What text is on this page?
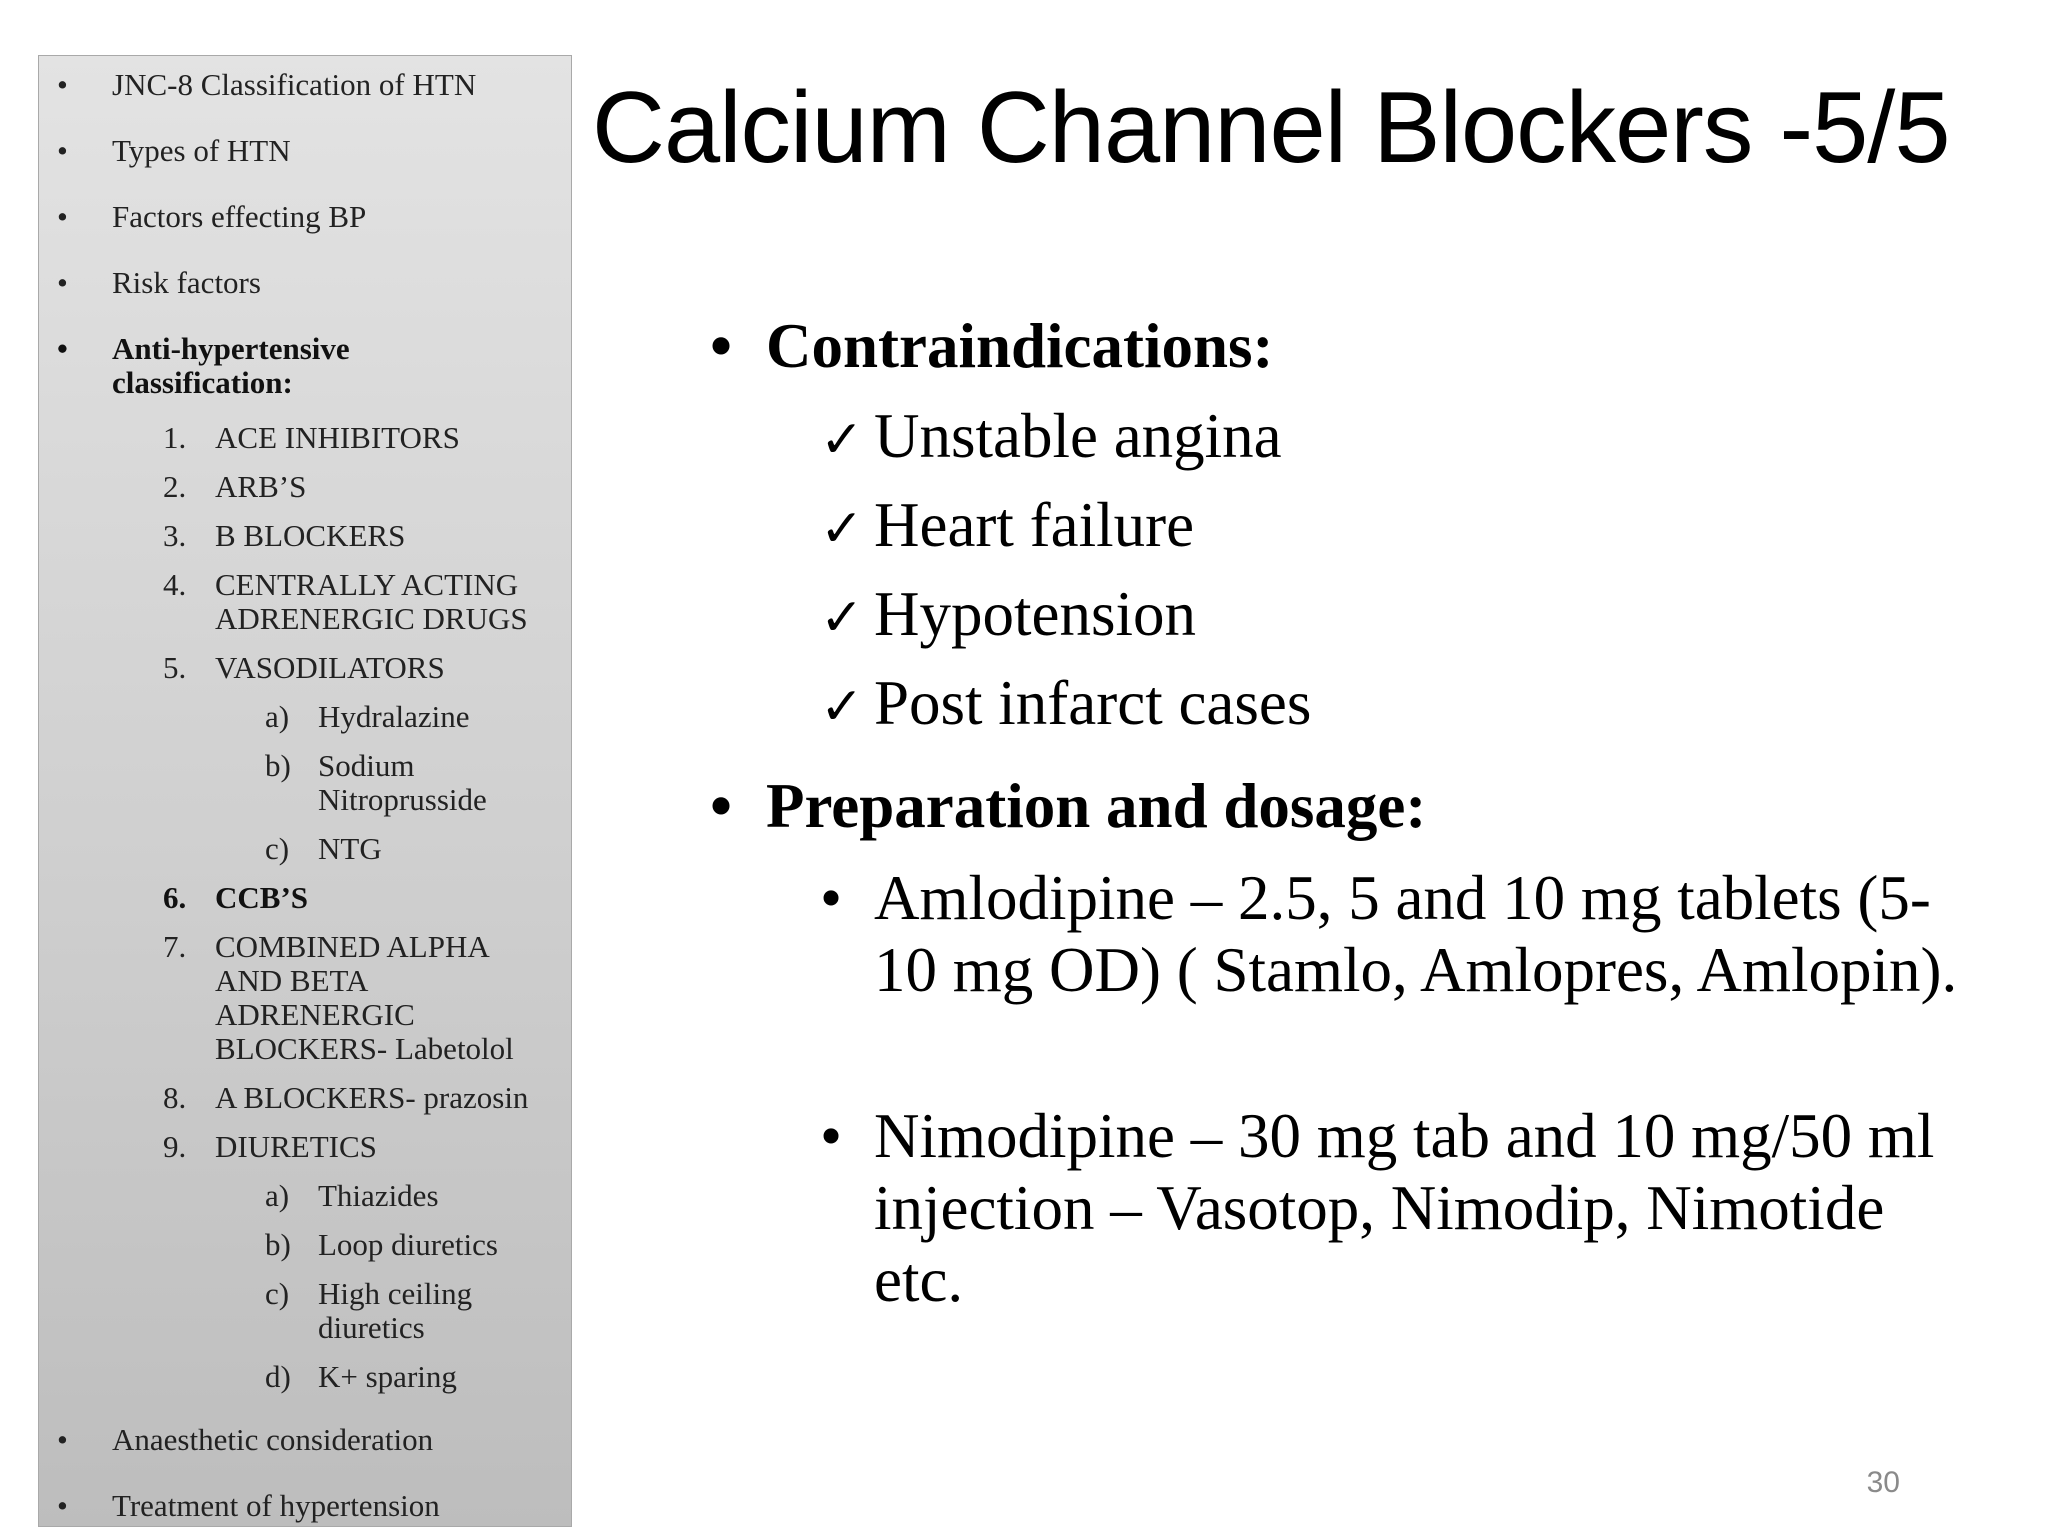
• JNC-8 Classification of HTN
• Types of HTN
• Factors effecting BP
• Risk factors
• Anti-hypertensive classification:
1. ACE INHIBITORS
2. ARB’S
3. B BLOCKERS
4. CENTRALLY ACTING ADRENERGIC DRUGS
5. VASODILATORS
a) Hydralazine
b) Sodium Nitroprusside
c) NTG
6. CCB’S
7. COMBINED ALPHA AND BETA ADRENERGIC BLOCKERS- Labetolol
8. A BLOCKERS- prazosin
9. DIURETICS
a) Thiazides
b) Loop diuretics
c) High ceiling diuretics
d) K+ sparing
• Anaesthetic consideration
• Treatment of hypertension
Calcium Channel Blockers -5/5
• Contraindications:
✓ Unstable angina
✓ Heart failure
✓ Hypotension
✓ Post infarct cases
• Preparation and dosage:
• Amlodipine – 2.5, 5 and 10 mg tablets (5-10 mg OD) ( Stamlo, Amlopres, Amlopin).
• Nimodipine – 30 mg tab and 10 mg/50 ml injection – Vasotop, Nimodip, Nimotide etc.
30
